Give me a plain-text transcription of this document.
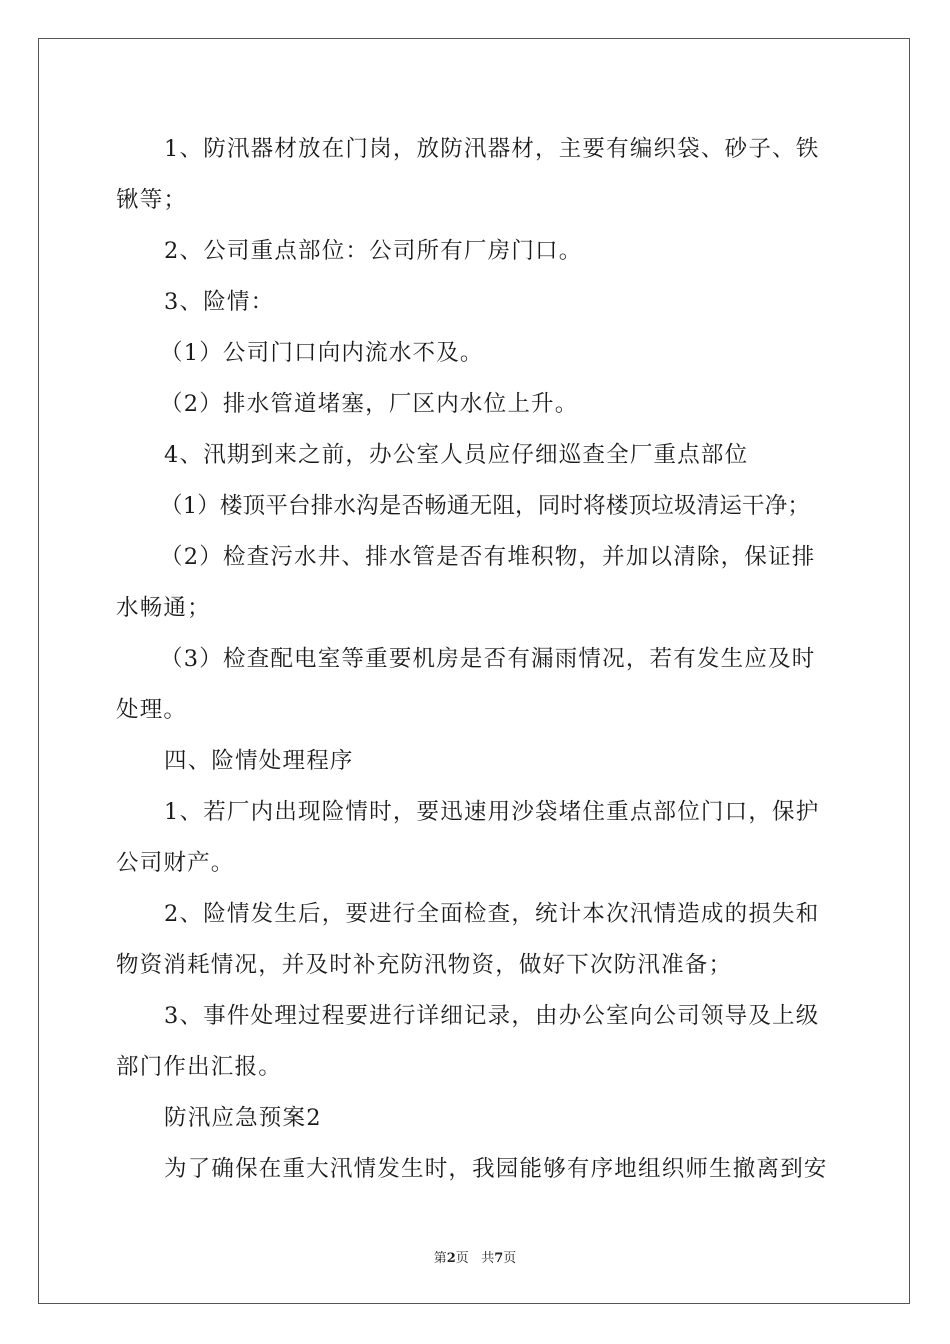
1、防汛器材放在门岗，放防汛器材，主要有编织袋、砂子、铁

锹等；

2、公司重点部位：公司所有厂房门口。

3、险情：

（1）公司门口向内流水不及。

（2）排水管道堵塞，厂区内水位上升。

4、汛期到来之前，办公室人员应仔细巡查全厂重点部位

（1）楼顶平台排水沟是否畅通无阻，同时将楼顶垃圾清运干净；

（2）检查污水井、排水管是否有堆积物，并加以清除，保证排

水畅通；

（3）检查配电室等重要机房是否有漏雨情况，若有发生应及时

处理。

四、险情处理程序

1、若厂内出现险情时，要迅速用沙袋堵住重点部位门口，保护

公司财产。

2、险情发生后，要进行全面检查，统计本次汛情造成的损失和

物资消耗情况，并及时补充防汛物资，做好下次防汛准备；

3、事件处理过程要进行详细记录，由办公室向公司领导及上级

部门作出汇报。

防汛应急预案2

为了确保在重大汛情发生时，我园能够有序地组织师生撤离到安

第2页 共7页
